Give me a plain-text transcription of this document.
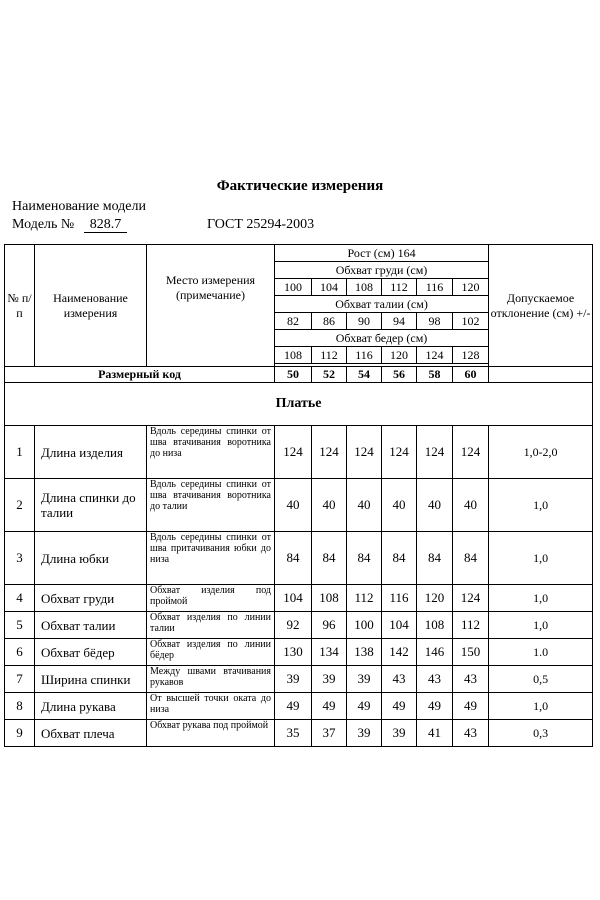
Фактические измерения
Наименование модели
Модель № 828.7	ГОСТ 25294-2003
№ п/п	Наименование измерения	Место измерения (примечание)	Рост (см) 164						Допускаемое отклонение (см) +/-
			Обхват груди (см)						
			100	104	108	112	116	120	
			Обхват талии (см)						
			82	86	90	94	98	102	
			Обхват бедер (см)						
			108	112	116	120	124	128	

Размерный код			50	52	54	56	58	60	
Платье									
1	Длина изделия	Вдоль середины спинки от шва втачивания воротника до низа	124	124	124	124	124	124	1,0-2,0
2	Длина спинки до талии	Вдоль середины спинки от шва втачивания воротника до талии	40	40	40	40	40	40	1,0
3	Длина юбки	Вдоль середины спинки от шва притачивания юбки до низа	84	84	84	84	84	84	1,0
4	Обхват груди	Обхват изделия под проймой	104	108	112	116	120	124	1,0
5	Обхват талии	Обхват изделия по линии талии	92	96	100	104	108	112	1,0
6	Обхват бёдер	Обхват изделия по линии бёдер	130	134	138	142	146	150	1.0
7	Ширина спинки	Между швами втачивания рукавов	39	39	39	43	43	43	0,5
8	Длина рукава	От высшей точки оката до низа	49	49	49	49	49	49	1,0
9	Обхват плеча	Обхват рукава под проймой	35	37	39	39	41	43	0,3
